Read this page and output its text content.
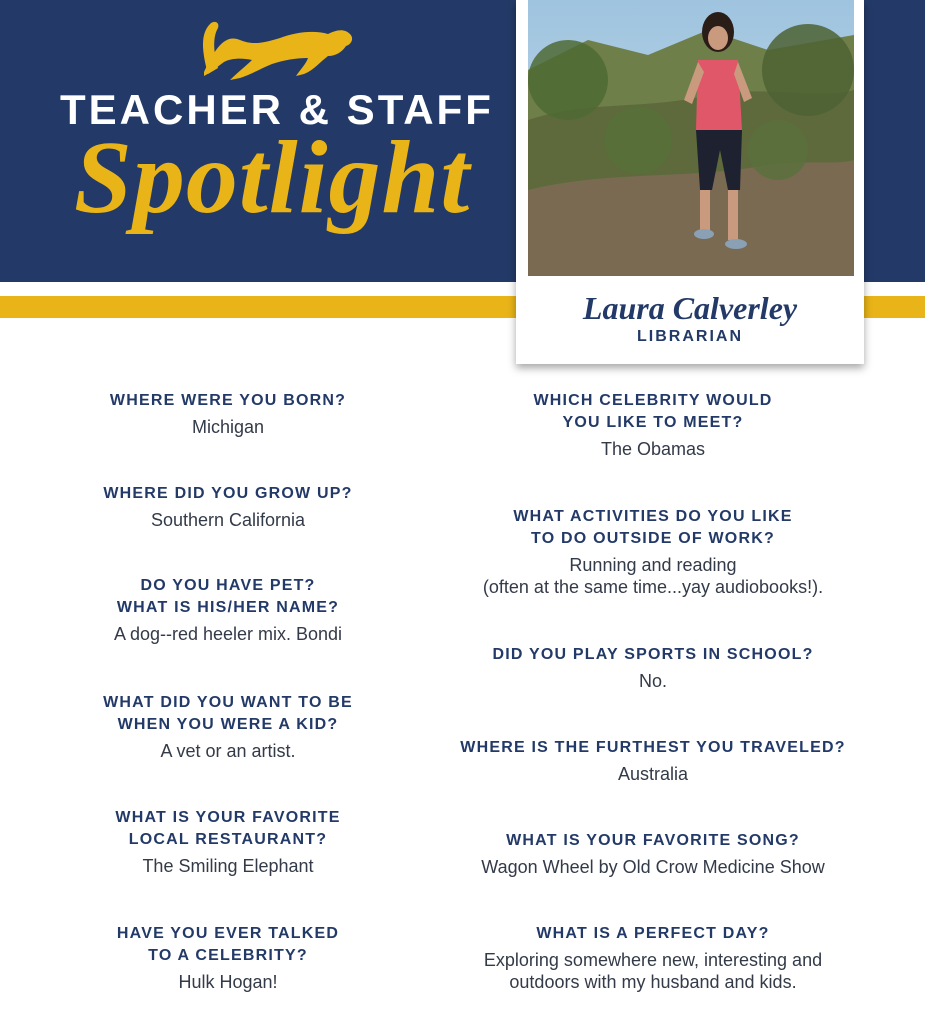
TEACHER & STAFF
Spotlight
Laura Calverley
LIBRARIAN
WHERE WERE YOU BORN?
Michigan
WHERE DID YOU GROW UP?
Southern California
DO YOU HAVE PET?
WHAT IS HIS/HER NAME?
A dog--red heeler mix. Bondi
WHAT DID YOU WANT TO BE
WHEN YOU WERE A KID?
A vet or an artist.
WHAT IS YOUR FAVORITE
LOCAL RESTAURANT?
The Smiling Elephant
HAVE YOU EVER TALKED
TO A CELEBRITY?
Hulk Hogan!
WHICH CELEBRITY WOULD
YOU LIKE TO MEET?
The Obamas
WHAT ACTIVITIES DO YOU LIKE
TO DO OUTSIDE OF WORK?
Running and reading
(often at the same time...yay audiobooks!).
DID YOU PLAY SPORTS IN SCHOOL?
No.
WHERE IS THE FURTHEST YOU TRAVELED?
Australia
WHAT IS YOUR FAVORITE SONG?
Wagon Wheel by Old Crow Medicine Show
WHAT IS A PERFECT DAY?
Exploring somewhere new, interesting and
outdoors with my husband and kids.
